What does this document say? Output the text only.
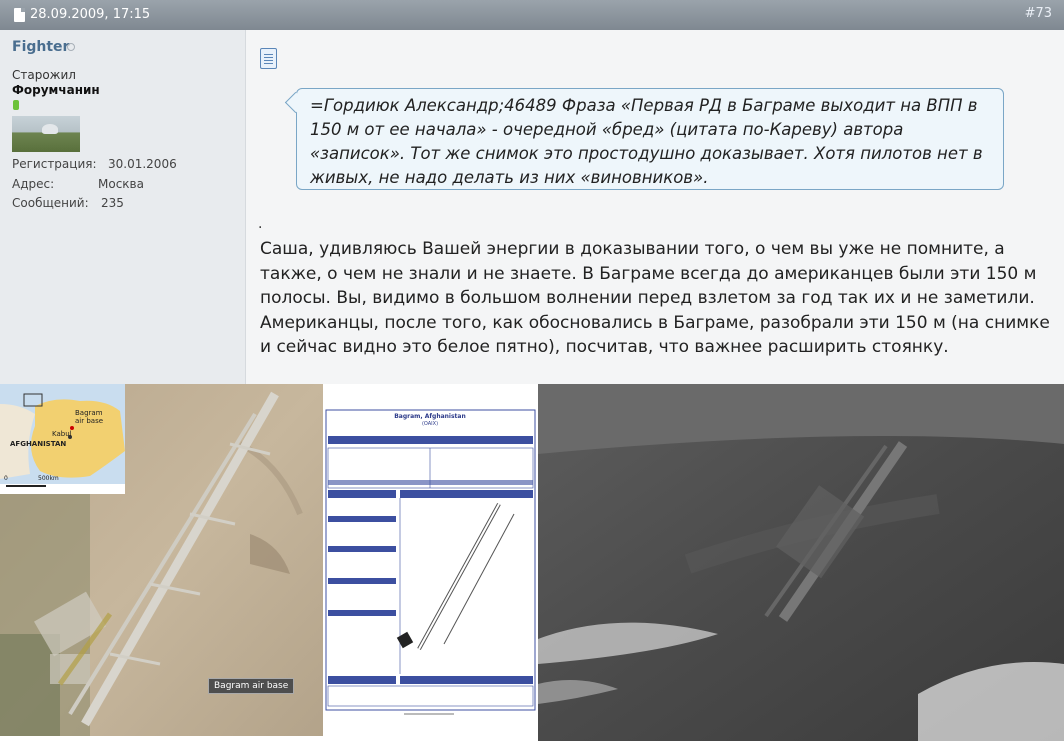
28.09.2009, 17:15	#73
Fighter
Старожил
Форумчанин
Регистрация: 30.01.2006
Адрес:	Москва
Сообщений: 235
=Гордиюк Александр;46489 Фраза «Первая РД в Баграме выходит на ВПП в 150 м от ее начала» - очередной «бред» (цитата по-Кареву) автора «записок». Тот же снимок это простодушно доказывает. Хотя пилотов нет в живых, не надо делать из них «виновников».
.
Саша, удивляюсь Вашей энергии в доказывании того, о чем вы уже не помните, а также, о чем не знали и не знаете. В Баграме всегда до американцев были эти 150 м полосы. Вы, видимо в большом волнении перед взлетом за год так их и не заметили. Американцы, после того, как обосновались в Баграме, разобрали эти 150 м (на снимке и сейчас видно это белое пятно), посчитав, что важнее расширить стоянку.
Bagram
air base
Kabul
AFGHANISTAN
0	500km
Bagram air base
Bagram, Afghanistan
(OAIX)
